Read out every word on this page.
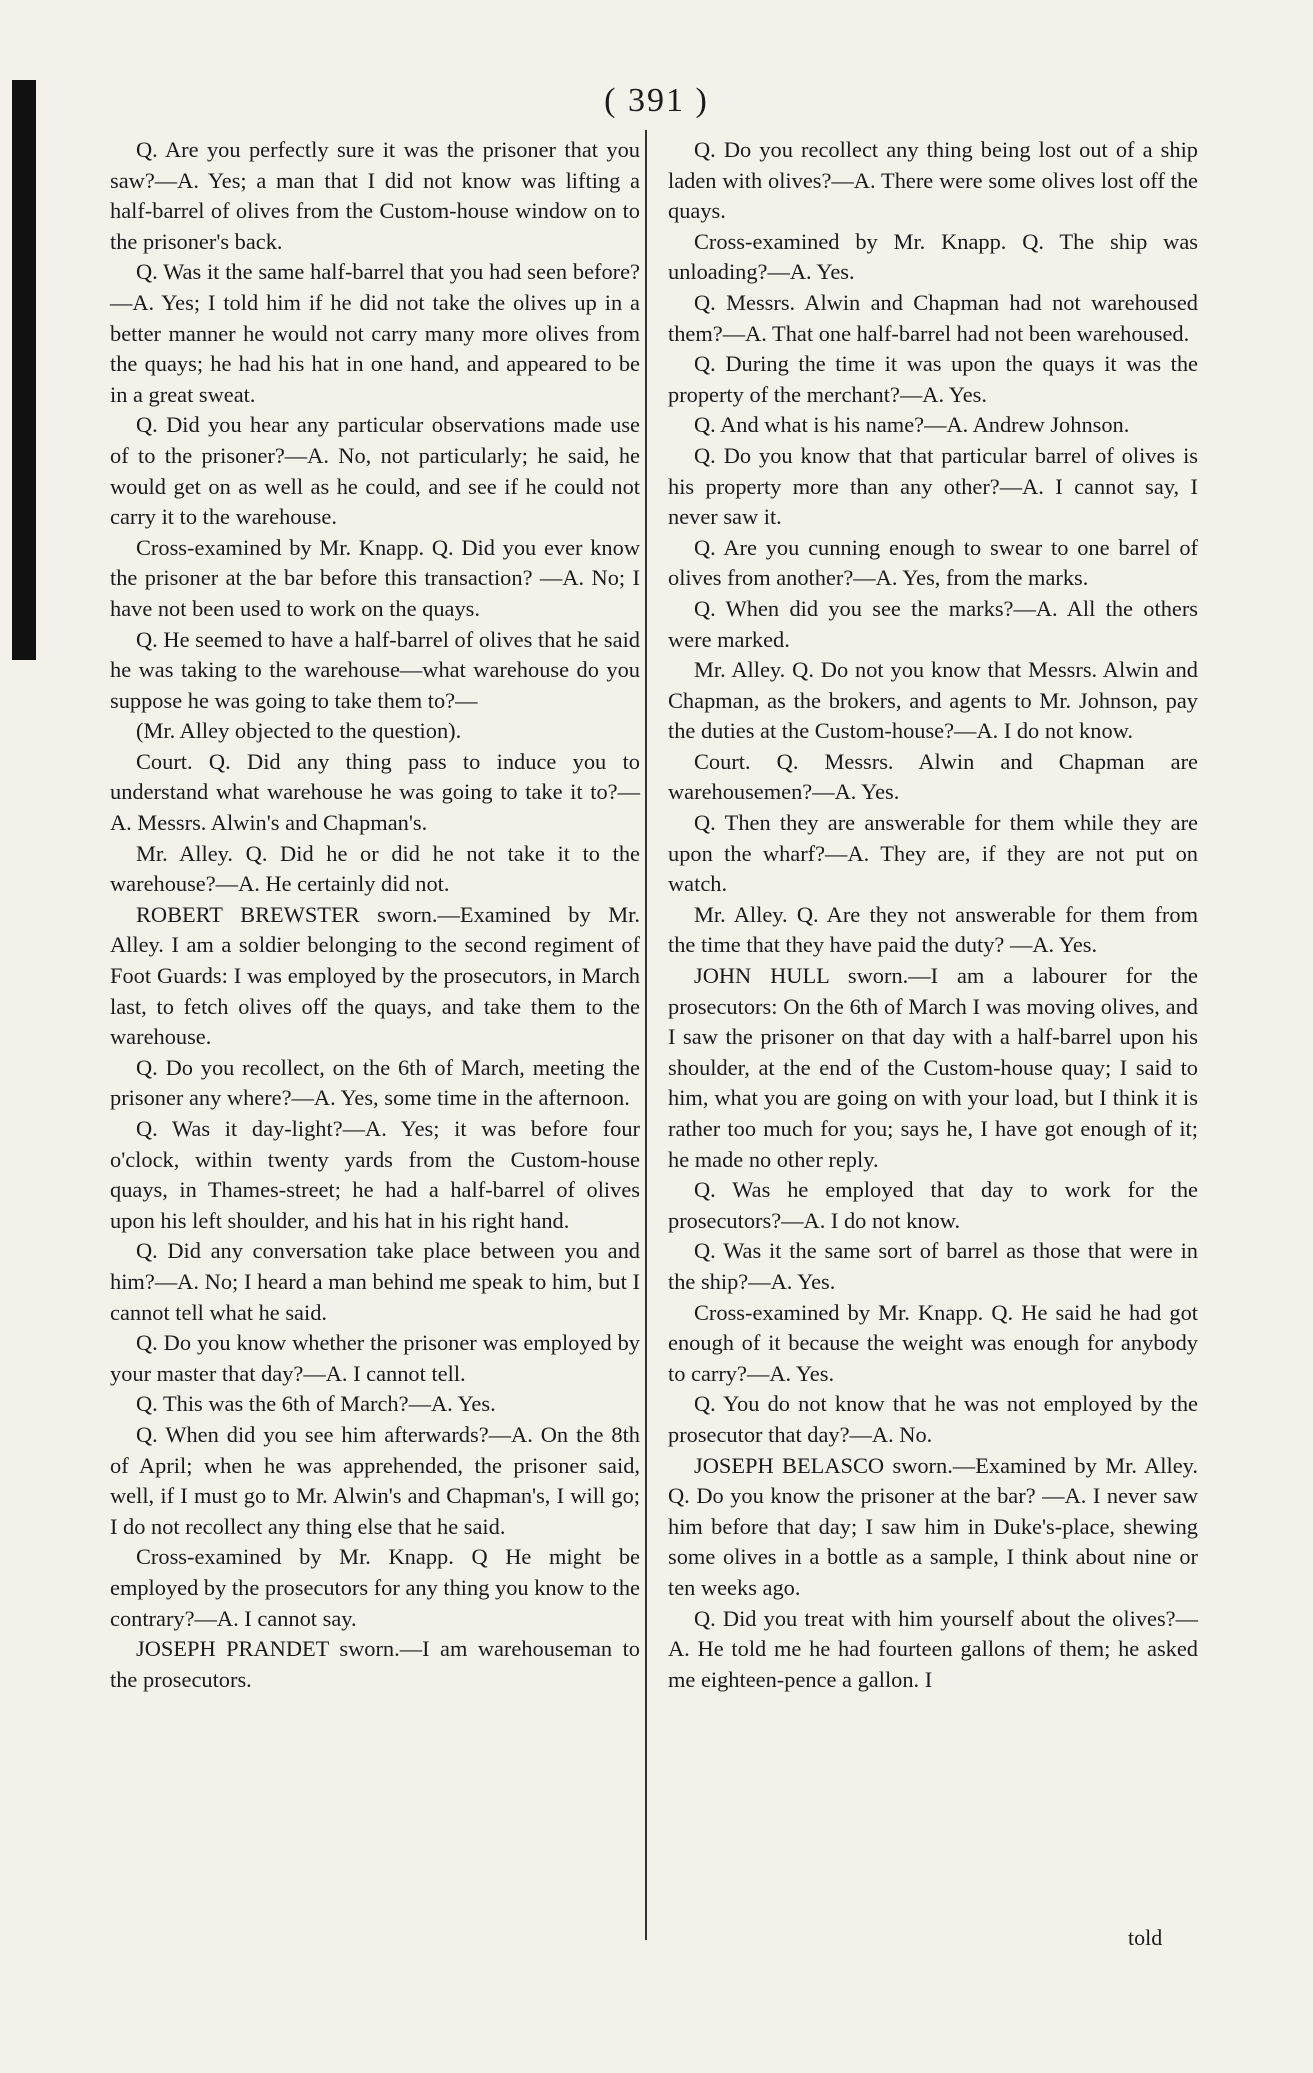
( 391 )

Q. Are you perfectly sure it was the prisoner that you saw?—A. Yes; a man that I did not know was lifting a half-barrel of olives from the Custom-house window on to the prisoner's back.

Q. Was it the same half-barrel that you had seen before?—A. Yes; I told him if he did not take the olives up in a better manner he would not carry many more olives from the quays; he had his hat in one hand, and appeared to be in a great sweat.

Q. Did you hear any particular observations made use of to the prisoner?—A. No, not particularly; he said, he would get on as well as he could, and see if he could not carry it to the warehouse.

Cross-examined by Mr. Knapp. Q. Did you ever know the prisoner at the bar before this transaction? —A. No; I have not been used to work on the quays.

Q. He seemed to have a half-barrel of olives that he said he was taking to the warehouse—what warehouse do you suppose he was going to take them to?—

(Mr. Alley objected to the question).

Court. Q. Did any thing pass to induce you to understand what warehouse he was going to take it to?—A. Messrs. Alwin's and Chapman's.

Mr. Alley. Q. Did he or did he not take it to the warehouse?—A. He certainly did not.

ROBERT BREWSTER sworn.—Examined by Mr. Alley. I am a soldier belonging to the second regiment of Foot Guards: I was employed by the prosecutors, in March last, to fetch olives off the quays, and take them to the warehouse.

Q. Do you recollect, on the 6th of March, meeting the prisoner any where?—A. Yes, some time in the afternoon.

Q. Was it day-light?—A. Yes; it was before four o'clock, within twenty yards from the Custom-house quays, in Thames-street; he had a half-barrel of olives upon his left shoulder, and his hat in his right hand.

Q. Did any conversation take place between you and him?—A. No; I heard a man behind me speak to him, but I cannot tell what he said.

Q. Do you know whether the prisoner was employed by your master that day?—A. I cannot tell.

Q. This was the 6th of March?—A. Yes.

Q. When did you see him afterwards?—A. On the 8th of April; when he was apprehended, the prisoner said, well, if I must go to Mr. Alwin's and Chapman's, I will go; I do not recollect any thing else that he said.

Cross-examined by Mr. Knapp. Q He might be employed by the prosecutors for any thing you know to the contrary?—A. I cannot say.

JOSEPH PRANDET sworn.—I am warehouseman to the prosecutors.

Q. Do you recollect any thing being lost out of a ship laden with olives?—A. There were some olives lost off the quays.

Cross-examined by Mr. Knapp. Q. The ship was unloading?—A. Yes.

Q. Messrs. Alwin and Chapman had not warehoused them?—A. That one half-barrel had not been warehoused.

Q. During the time it was upon the quays it was the property of the merchant?—A. Yes.

Q. And what is his name?—A. Andrew Johnson.

Q. Do you know that that particular barrel of olives is his property more than any other?—A. I cannot say, I never saw it.

Q. Are you cunning enough to swear to one barrel of olives from another?—A. Yes, from the marks.

Q. When did you see the marks?—A. All the others were marked.

Mr. Alley. Q. Do not you know that Messrs. Alwin and Chapman, as the brokers, and agents to Mr. Johnson, pay the duties at the Custom-house?—A. I do not know.

Court. Q. Messrs. Alwin and Chapman are warehousemen?—A. Yes.

Q. Then they are answerable for them while they are upon the wharf?—A. They are, if they are not put on watch.

Mr. Alley. Q. Are they not answerable for them from the time that they have paid the duty? —A. Yes.

JOHN HULL sworn.—I am a labourer for the prosecutors: On the 6th of March I was moving olives, and I saw the prisoner on that day with a half-barrel upon his shoulder, at the end of the Custom-house quay; I said to him, what you are going on with your load, but I think it is rather too much for you; says he, I have got enough of it; he made no other reply.

Q. Was he employed that day to work for the prosecutors?—A. I do not know.

Q. Was it the same sort of barrel as those that were in the ship?—A. Yes.

Cross-examined by Mr. Knapp. Q. He said he had got enough of it because the weight was enough for anybody to carry?—A. Yes.

Q. You do not know that he was not employed by the prosecutor that day?—A. No.

JOSEPH BELASCO sworn.—Examined by Mr. Alley. Q. Do you know the prisoner at the bar? —A. I never saw him before that day; I saw him in Duke's-place, shewing some olives in a bottle as a sample, I think about nine or ten weeks ago.

Q. Did you treat with him yourself about the olives?—A. He told me he had fourteen gallons of them; he asked me eighteen-pence a gallon. I

told
